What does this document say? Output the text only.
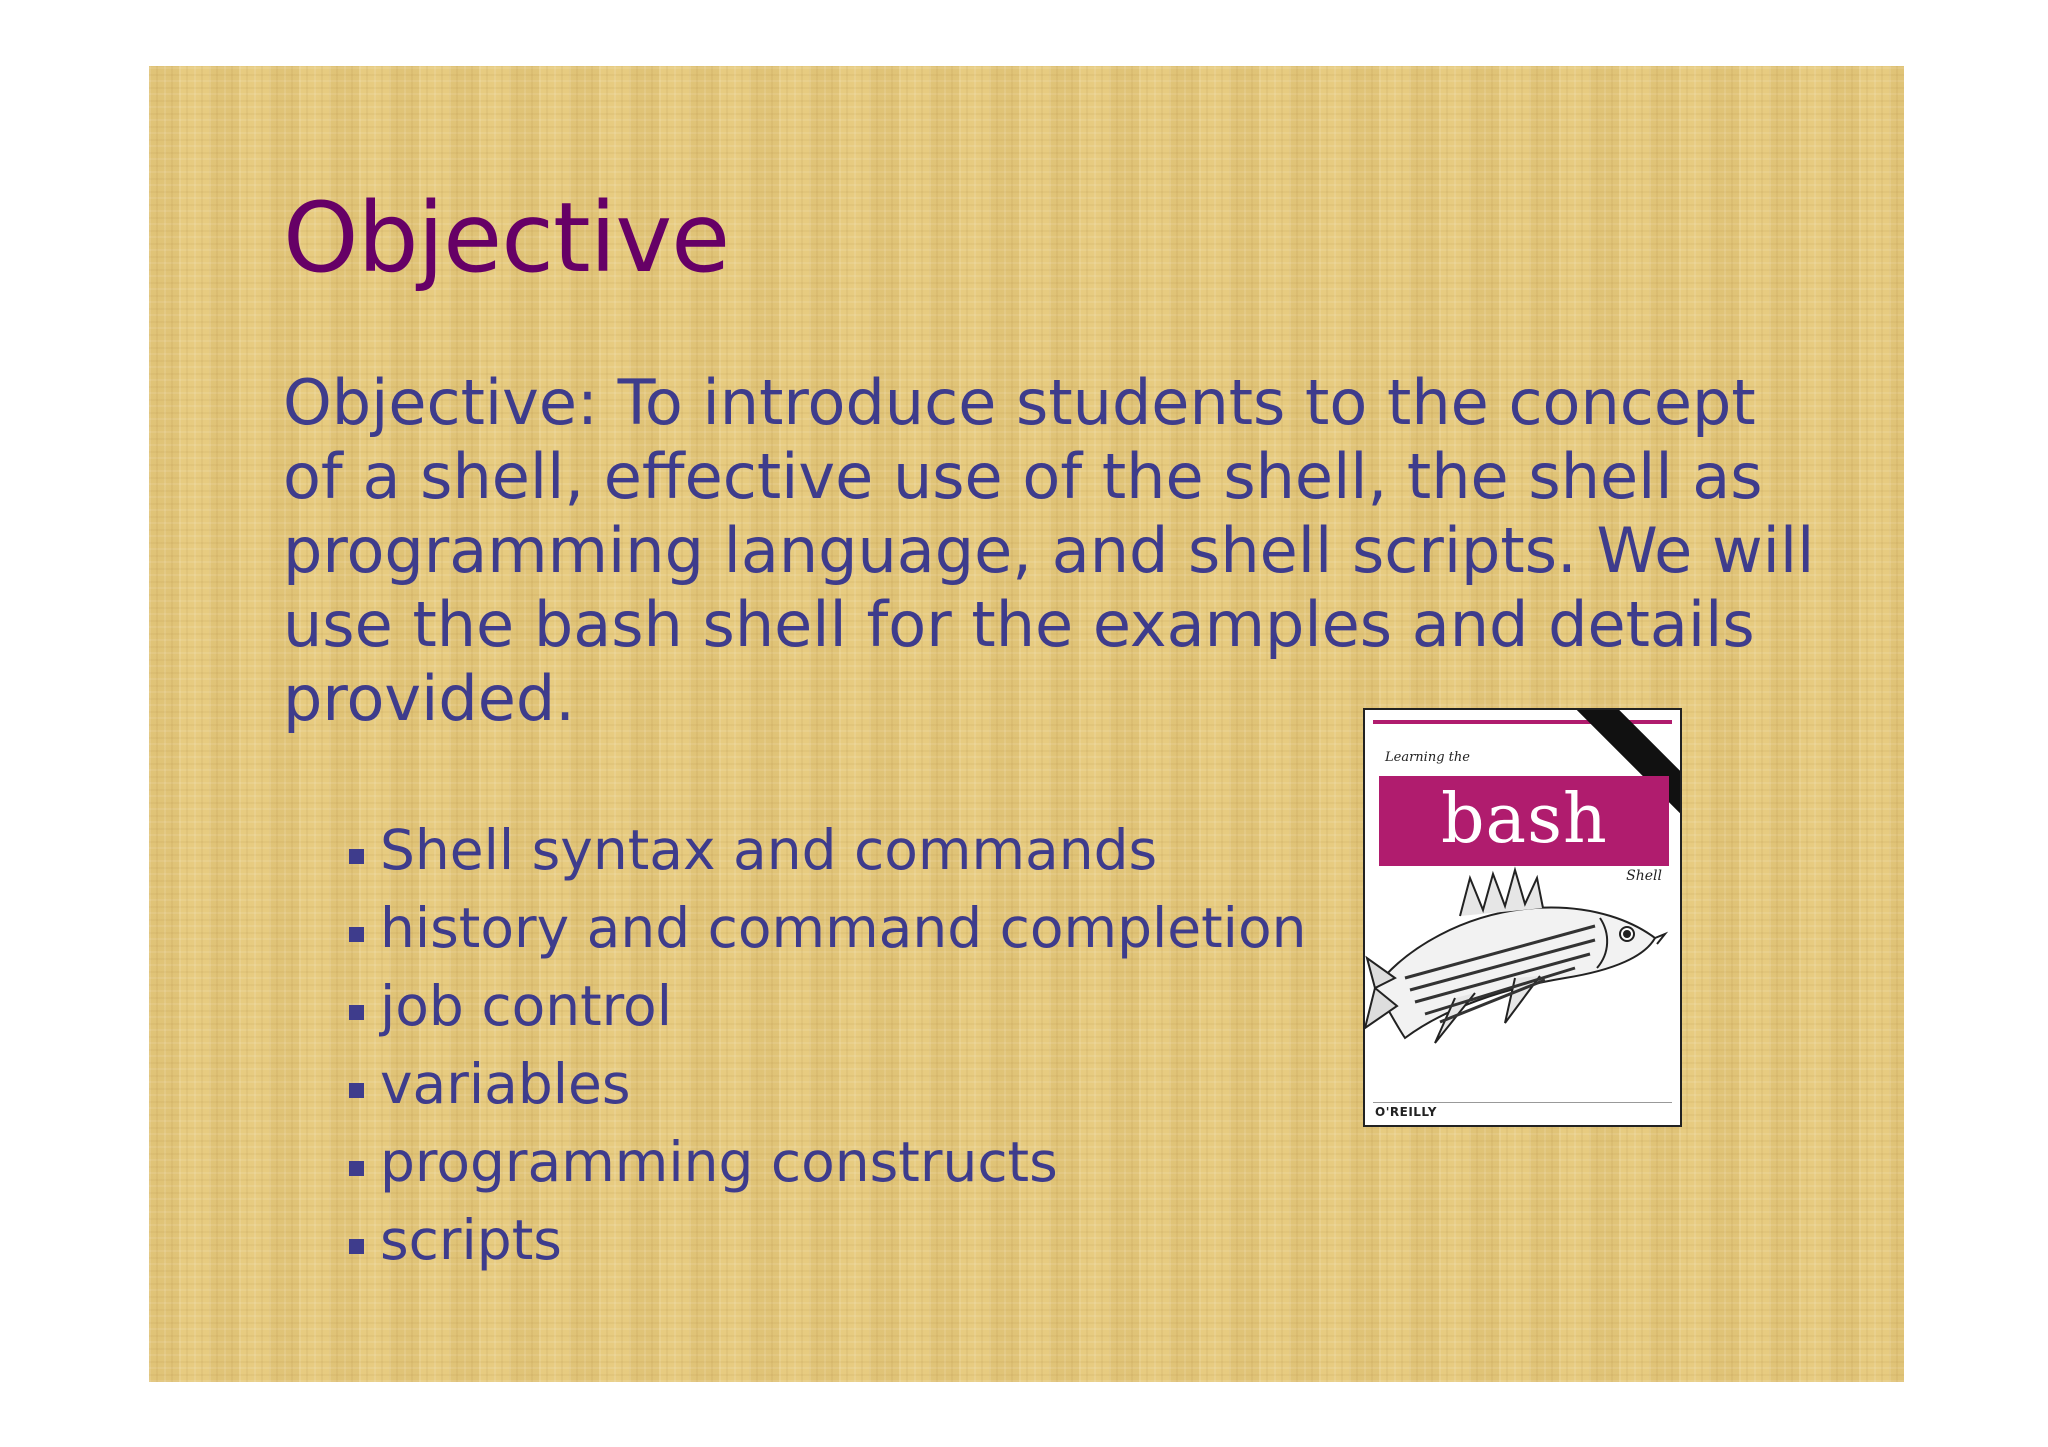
Objective

Objective: To introduce students to the concept of a shell, effective use of the shell, the shell as programming language, and shell scripts. We will use the bash shell for the examples and details provided.

Shell syntax and commands
history and command completion
job control
variables
programming constructs
scripts
Learning the
bash
Shell
O'REILLY
